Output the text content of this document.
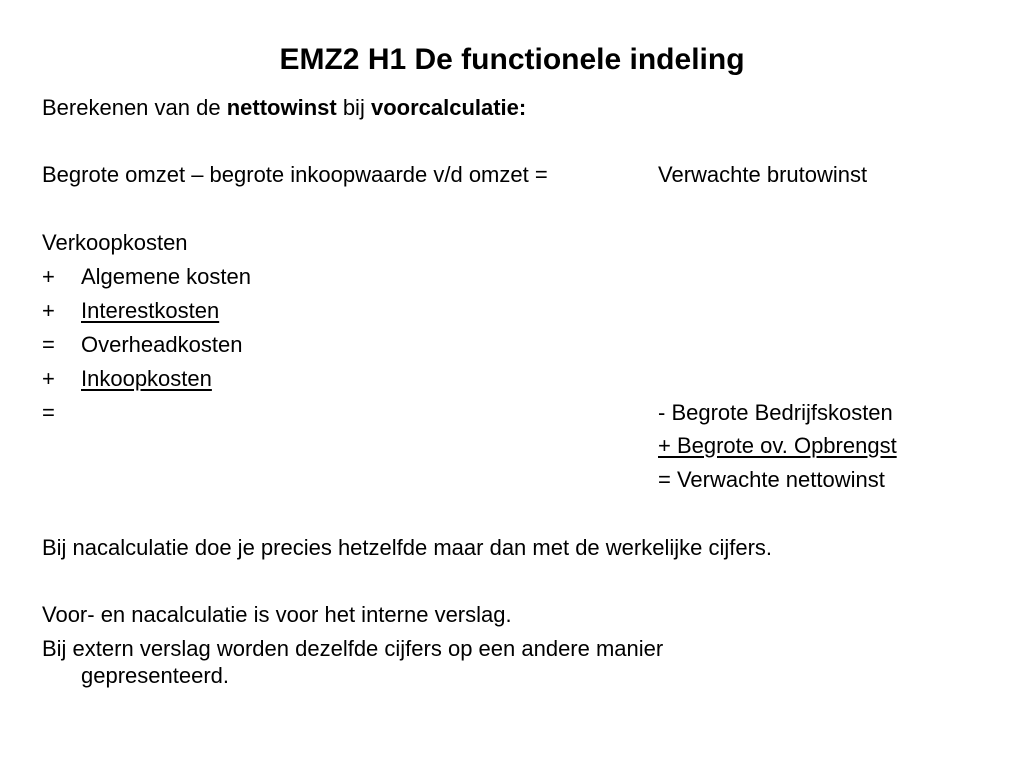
EMZ2 H1 De functionele indeling
Berekenen van de nettowinst bij voorcalculatie:
Begrote omzet – begrote inkoopwaarde v/d omzet =	Verwachte brutowinst
Verkoopkosten
+ Algemene kosten
+ Interestkosten
= Overheadkosten
+ Inkoopkosten
=	- Begrote Bedrijfskosten
+ Begrote ov. Opbrengst
= Verwachte nettowinst
Bij nacalculatie doe je precies hetzelfde maar dan met de werkelijke cijfers.
Voor- en nacalculatie is voor het interne verslag.
Bij extern verslag worden dezelfde cijfers op een andere manier
gepresenteerd.
